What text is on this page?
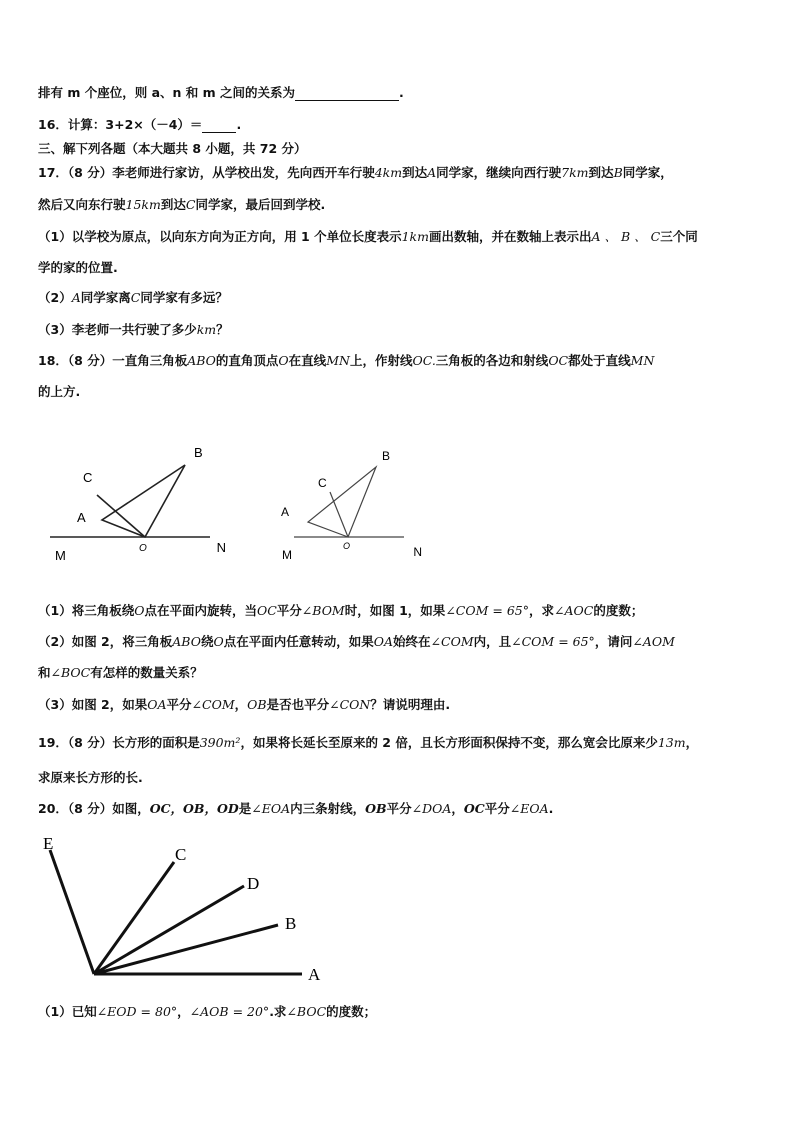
排有 m 个座位，则 a、n 和 m 之间的关系为	.
16．计算：3+2×（－4）＝	.
三、解下列各题（本大题共 8 小题，共 72 分）
17．（8 分）李老师进行家访，从学校出发，先向西开车行驶4km到达A同学家，继续向西行驶7km到达B同学家，
然后又向东行驶15km到达C同学家，最后回到学校.
（1）以学校为原点，以向东方向为正方向，用 1 个单位长度表示1km画出数轴，并在数轴上表示出A 、 B 、 C三个同
学的家的位置.
（2）A同学家离C同学家有多远？
（3）李老师一共行驶了多少km？
18．（8 分）一直角三角板ABO的直角顶点O在直线MN上，作射线OC.三角板的各边和射线OC都处于直线MN
的上方.
C
A
B
O
M
N
C
A
B
O
M	N
（1）将三角板绕O点在平面内旋转，当OC平分∠BOM时，如图 1，如果∠COM = 65°，求∠AOC的度数；
（2）如图 2，将三角板ABO绕O点在平面内任意转动，如果OA始终在∠COM内，且∠COM = 65°，请问∠AOM
和∠BOC有怎样的数量关系？
（3）如图 2，如果OA平分∠COM，OB是否也平分∠CON？请说明理由.
19．（8 分）长方形的面积是390m²，如果将长延长至原来的 2 倍，且长方形面积保持不变，那么宽会比原来少13m，
求原来长方形的长.
20．（8 分）如图，OC，OB，OD是∠EOA内三条射线，OB平分∠DOA，OC平分∠EOA.
E
C
D
B
A
（1）已知∠EOD = 80°，∠AOB = 20°.求∠BOC的度数；
